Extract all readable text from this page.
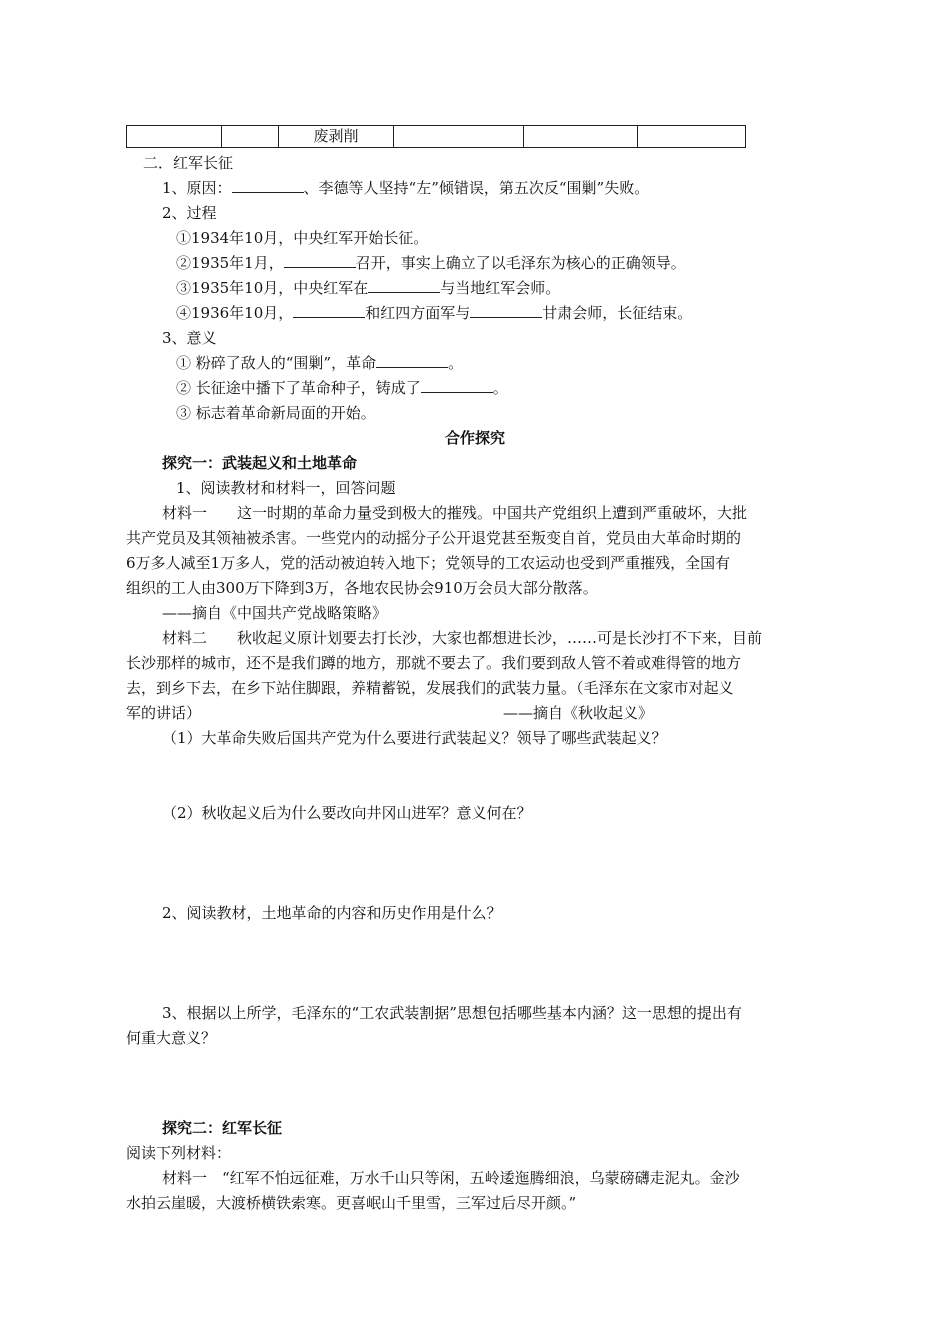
废剥削
二．红军长征
1、原因：	、李德等人坚持“左”倾错误，第五次反“围剿”失败。
2、过程
①1934年10月，中央红军开始长征。
②1935年1月，	召开，事实上确立了以毛泽东为核心的正确领导。
③1935年10月，中央红军在	与当地红军会师。
④1936年10月，	和红四方面军与	甘肃会师，长征结束。
3、意义
① 粉碎了敌人的“围剿”，革命	。
② 长征途中播下了革命种子，铸成了	。
③ 标志着革命新局面的开始。
合作探究
探究一：武装起义和土地革命
1、阅读教材和材料一，回答问题
材料一　　这一时期的革命力量受到极大的摧残。中国共产党组织上遭到严重破坏，大批
共产党员及其领袖被杀害。一些党内的动摇分子公开退党甚至叛变自首，党员由大革命时期的
6万多人减至1万多人，党的活动被迫转入地下；党领导的工农运动也受到严重摧残，全国有
组织的工人由300万下降到3万，各地农民协会910万会员大部分散落。
——摘自《中国共产党战略策略》
材料二　　秋收起义原计划要去打长沙，大家也都想进长沙，……可是长沙打不下来，目前
长沙那样的城市，还不是我们蹲的地方，那就不要去了。我们要到敌人管不着或难得管的地方
去，到乡下去，在乡下站住脚跟，养精蓄锐，发展我们的武装力量。（毛泽东在文家市对起义
军的讲话）	——摘自《秋收起义》
（1）大革命失败后国共产党为什么要进行武装起义？领导了哪些武装起义？
（2）秋收起义后为什么要改向井冈山进军？意义何在？
2、阅读教材，土地革命的内容和历史作用是什么？
3、根据以上所学，毛泽东的“工农武装割据”思想包括哪些基本内涵？这一思想的提出有
何重大意义？
探究二：红军长征
阅读下列材料：
材料一　“红军不怕远征难，万水千山只等闲，五岭逶迤腾细浪，乌蒙磅礴走泥丸。金沙
水拍云崖暖，大渡桥横铁索寒。更喜岷山千里雪，三军过后尽开颜。”
